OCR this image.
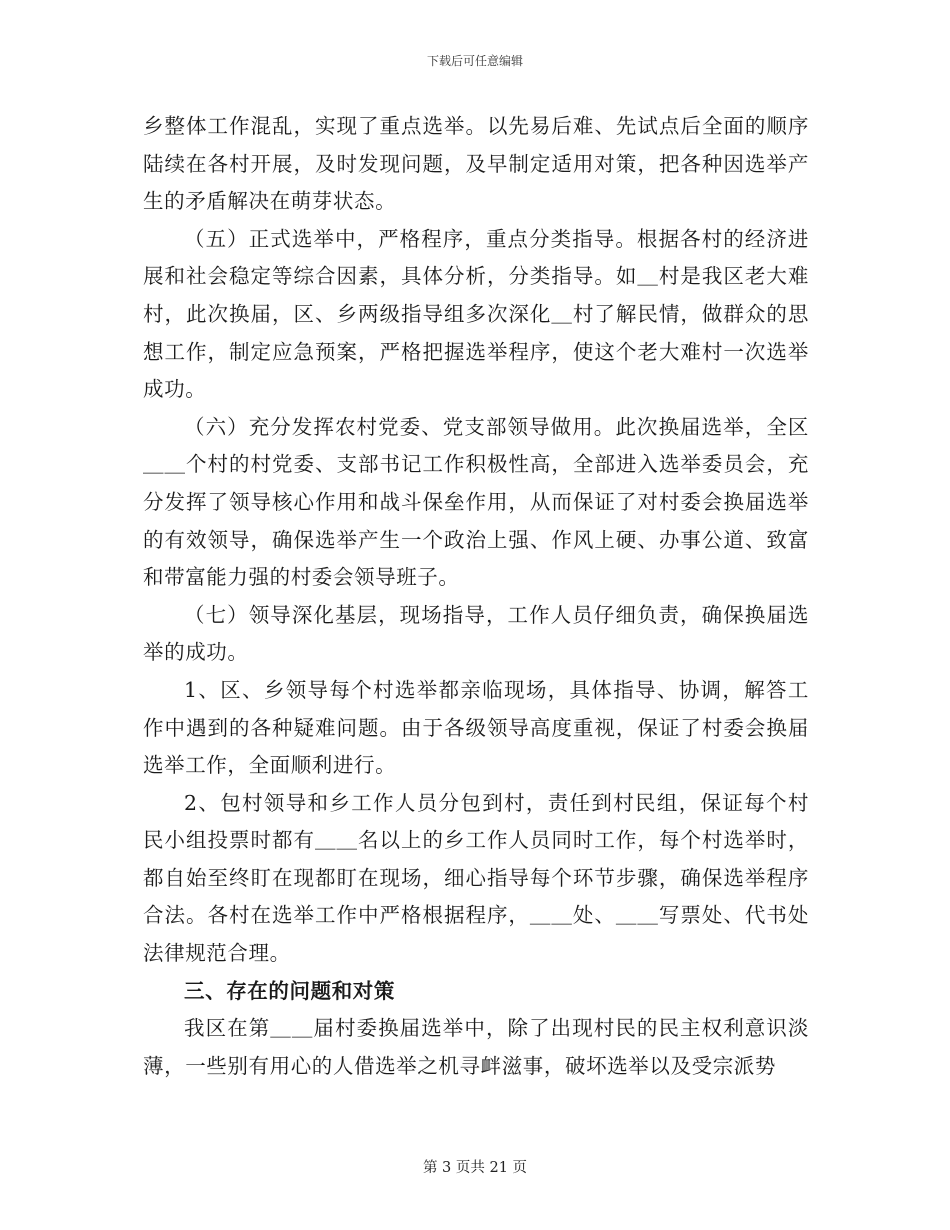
下载后可任意编辑

乡整体工作混乱，实现了重点选举。以先易后难、先试点后全面的顺序陆续在各村开展，及时发现问题，及早制定适用对策，把各种因选举产生的矛盾解决在萌芽状态。

（五）正式选举中，严格程序，重点分类指导。根据各村的经济进展和社会稳定等综合因素，具体分析，分类指导。如＿村是我区老大难村，此次换届，区、乡两级指导组多次深化＿村了解民情，做群众的思想工作，制定应急预案，严格把握选举程序，使这个老大难村一次选举成功。

（六）充分发挥农村党委、党支部领导做用。此次换届选举，全区＿＿个村的村党委、支部书记工作积极性高，全部进入选举委员会，充分发挥了领导核心作用和战斗保垒作用，从而保证了对村委会换届选举的有效领导，确保选举产生一个政治上强、作风上硬、办事公道、致富和带富能力强的村委会领导班子。

（七）领导深化基层，现场指导，工作人员仔细负责，确保换届选举的成功。

1、区、乡领导每个村选举都亲临现场，具体指导、协调，解答工作中遇到的各种疑难问题。由于各级领导高度重视，保证了村委会换届选举工作，全面顺利进行。

2、包村领导和乡工作人员分包到村，责任到村民组，保证每个村民小组投票时都有＿＿名以上的乡工作人员同时工作，每个村选举时，都自始至终盯在现都盯在现场，细心指导每个环节步骤，确保选举程序合法。各村在选举工作中严格根据程序，＿＿处、＿＿写票处、代书处法律规范合理。

三、存在的问题和对策

我区在第＿＿届村委换届选举中，除了出现村民的民主权利意识淡薄，一些别有用心的人借选举之机寻衅滋事，破坏选举以及受宗派势

第 3 页共 21 页
